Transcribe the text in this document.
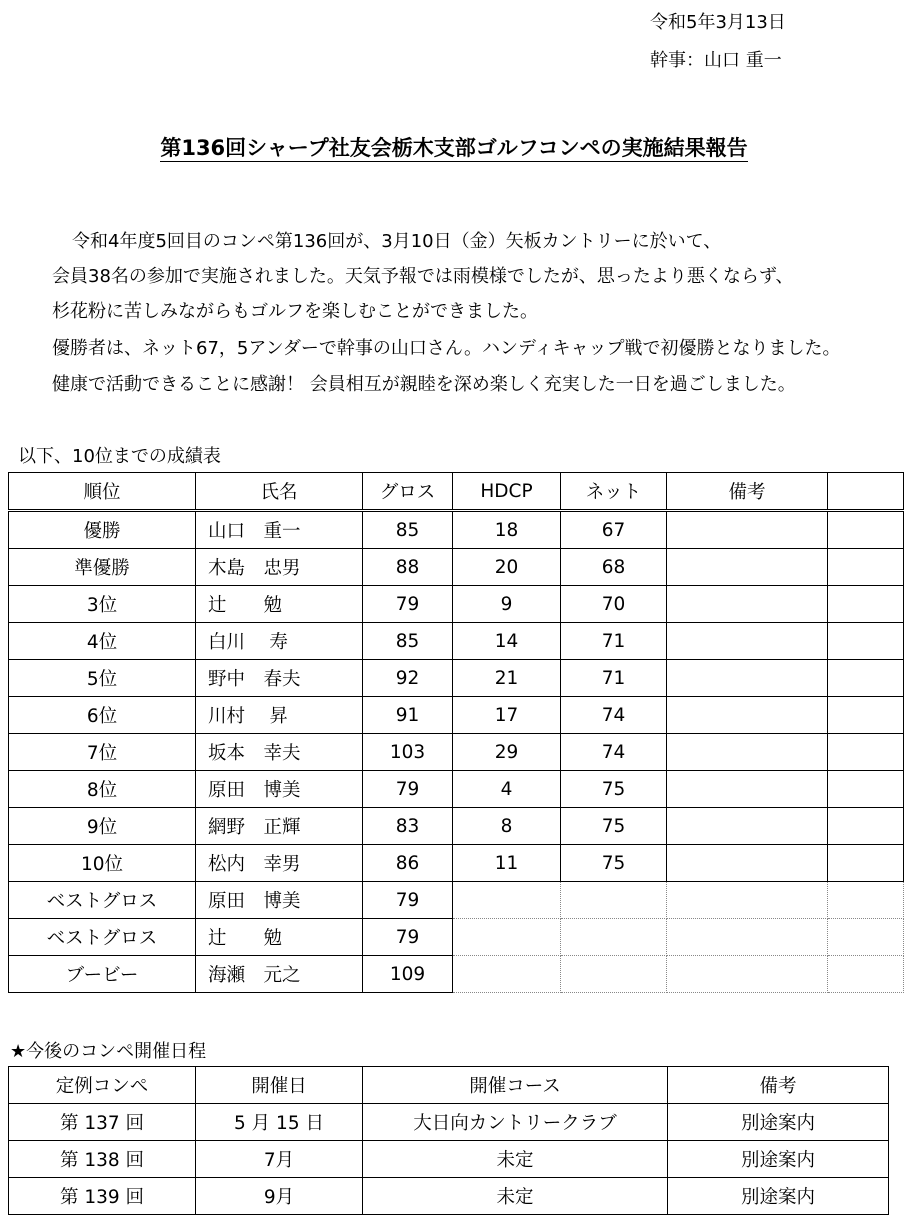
令和5年3月13日
幹事：山口 重一
第136回シャープ社友会栃木支部ゴルフコンペの実施結果報告
令和4年度5回目のコンペ第136回が、3月10日（金）矢板カントリーに於いて、
会員38名の参加で実施されました。天気予報では雨模様でしたが、思ったより悪くならず、
杉花粉に苦しみながらもゴルフを楽しむことができました。
優勝者は、ネット67，5アンダーで幹事の山口さん。ハンディキャップ戦で初優勝となりました。
健康で活動できることに感謝！ 会員相互が親睦を深め楽しく充実した一日を過ごしました。
以下、10位までの成績表
順位	氏名	グロス	HDCP	ネット	備考	
優勝	山口　重一	85	18	67		
準優勝	木島　忠男	88	20	68		
3位	辻　　勉	79	9	70		
4位	白川　 寿	85	14	71		
5位	野中　春夫	92	21	71		
6位	川村　 昇	91	17	74		
7位	坂本　幸夫	103	29	74		
8位	原田　博美	79	4	75		
9位	網野　正輝	83	8	75		
10位	松内　幸男	86	11	75		
ベストグロス	原田　博美	79				
ベストグロス	辻　　勉	79				
ブービー	海瀬　元之	109				
★今後のコンペ開催日程
定例コンペ	開催日	開催コース	備考
第 137 回	5 月 15 日	大日向カントリークラブ	別途案内
第 138 回	7月	未定	別途案内
第 139 回	9月	未定	別途案内
